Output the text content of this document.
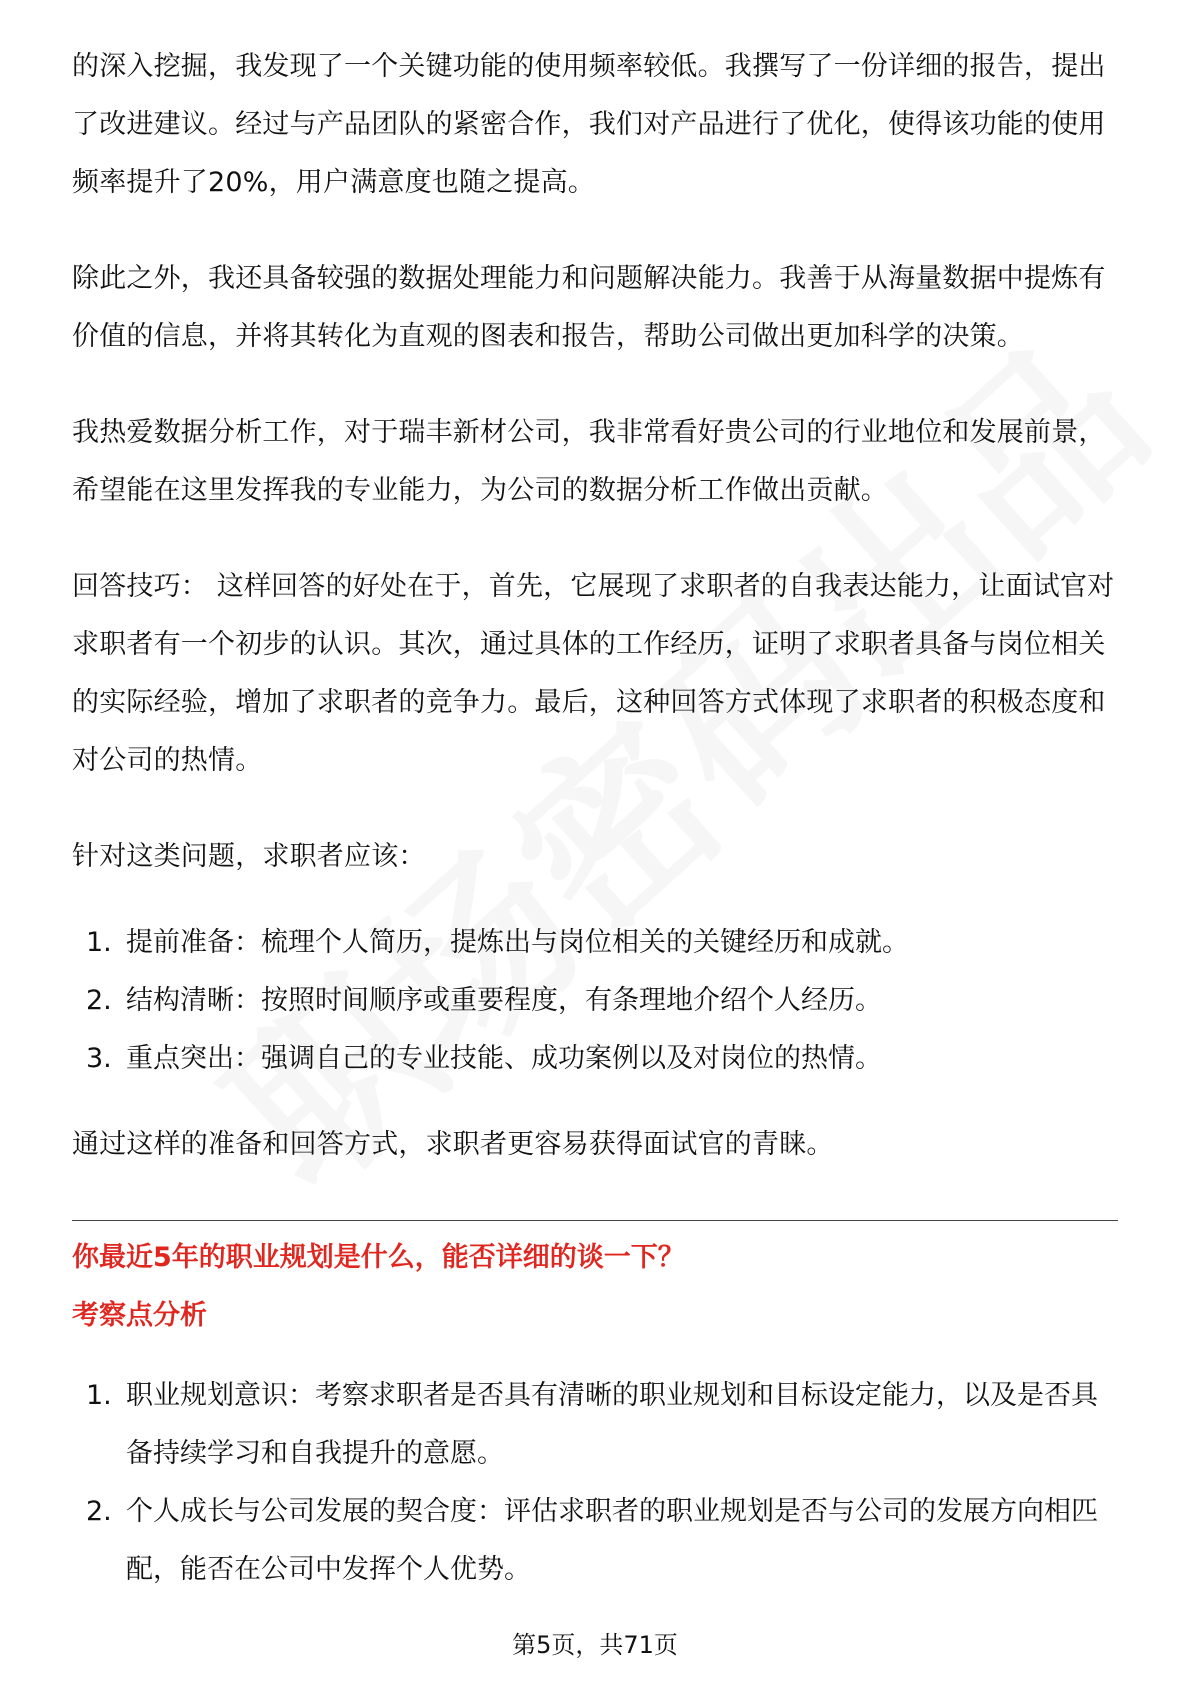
的深入挖掘，我发现了一个关键功能的使用频率较低。我撰写了一份详细的报告，提出了改进建议。经过与产品团队的紧密合作，我们对产品进行了优化，使得该功能的使用频率提升了20%，用户满意度也随之提高。

除此之外，我还具备较强的数据处理能力和问题解决能力。我善于从海量数据中提炼有价值的信息，并将其转化为直观的图表和报告，帮助公司做出更加科学的决策。

我热爱数据分析工作，对于瑞丰新材公司，我非常看好贵公司的行业地位和发展前景，希望能在这里发挥我的专业能力，为公司的数据分析工作做出贡献。

回答技巧： 这样回答的好处在于，首先，它展现了求职者的自我表达能力，让面试官对求职者有一个初步的认识。其次，通过具体的工作经历，证明了求职者具备与岗位相关的实际经验，增加了求职者的竞争力。最后，这种回答方式体现了求职者的积极态度和对公司的热情。

针对这类问题，求职者应该：

1. 提前准备：梳理个人简历，提炼出与岗位相关的关键经历和成就。
2. 结构清晰：按照时间顺序或重要程度，有条理地介绍个人经历。
3. 重点突出：强调自己的专业技能、成功案例以及对岗位的热情。

通过这样的准备和回答方式，求职者更容易获得面试官的青睐。

你最近5年的职业规划是什么，能否详细的谈一下？

考察点分析

1. 职业规划意识：考察求职者是否具有清晰的职业规划和目标设定能力，以及是否具备持续学习和自我提升的意愿。
2. 个人成长与公司发展的契合度：评估求职者的职业规划是否与公司的发展方向相匹配，能否在公司中发挥个人优势。
第5页，共71页
